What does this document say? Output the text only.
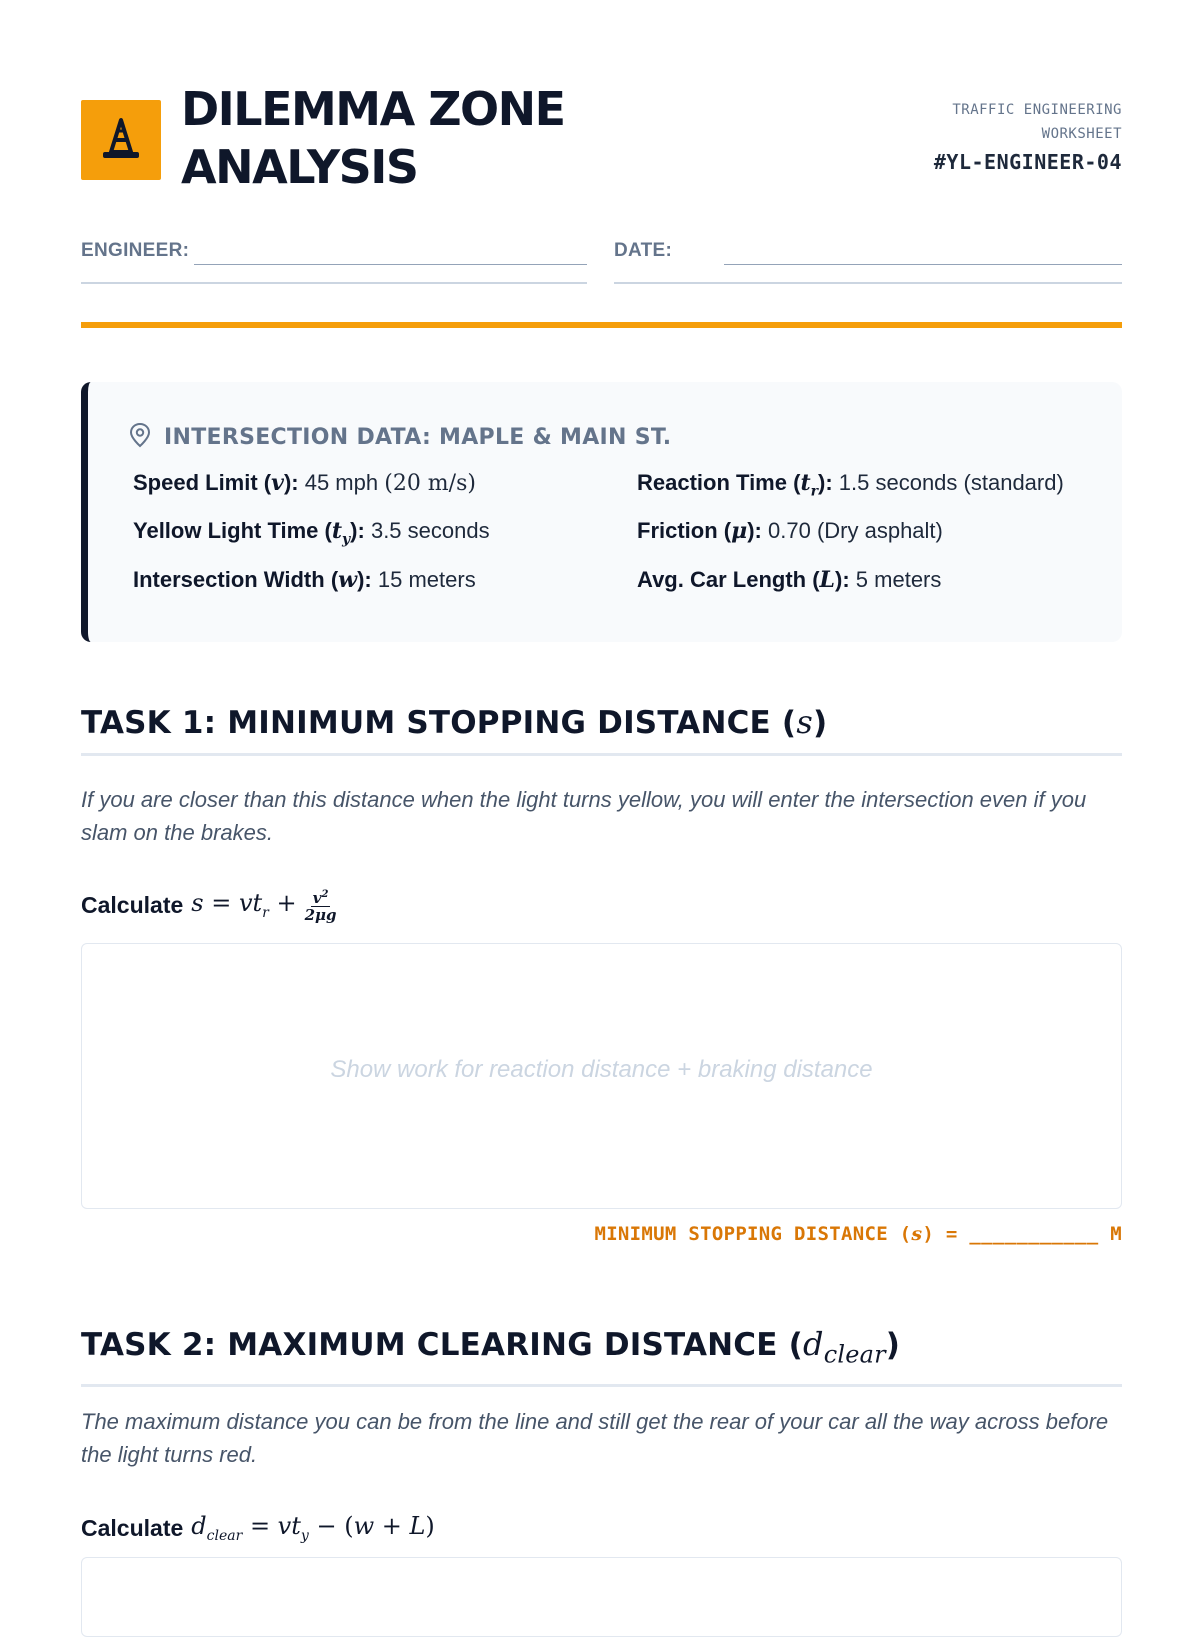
DILEMMA ZONE
ANALYSIS
TRAFFIC ENGINEERING
WORKSHEET
#YL-ENGINEER-04
ENGINEER:	DATE:
INTERSECTION DATA: MAPLE & MAIN ST.
Speed Limit (v): 45 mph (20 m/s)	Reaction Time $(t_r)$: 1.5 seconds (standard)
Yellow Light Time $(t_y)$: 3.5 seconds	Friction (μ): 0.70 (Dry asphalt)
Intersection Width (w): 15 meters	Avg. Car Length (L): 5 meters
TASK 1: MINIMUM STOPPING DISTANCE (s)

If you are closer than this distance when the light turns yellow, you will enter the intersection even if you slam on the brakes.

Calculate $s = vt_r + \frac{v^2}{2\mu g}$
Show work for reaction distance + braking distance
MINIMUM STOPPING DISTANCE (s) = ___________ M
TASK 2: MAXIMUM CLEARING DISTANCE $(d_{clear})$

The maximum distance you can be from the line and still get the rear of your car all the way across before the light turns red.

Calculate $d_{clear} = vt_y - (w + L)$
